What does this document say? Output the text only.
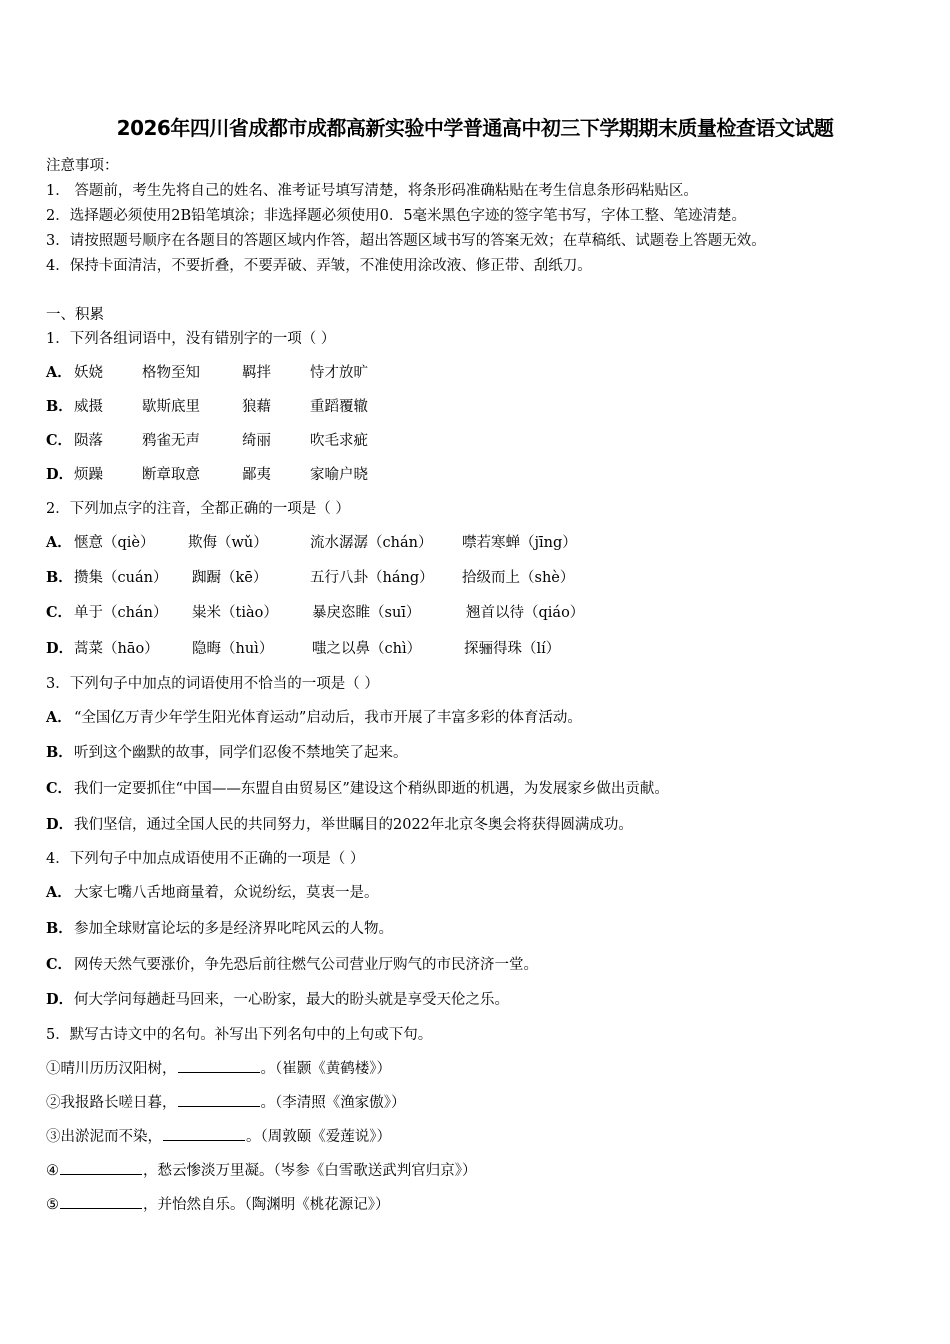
2026年四川省成都市成都高新实验中学普通高中初三下学期期末质量检查语文试题
注意事项：
1． 答题前，考生先将自己的姓名、准考证号填写清楚，将条形码准确粘贴在考生信息条形码粘贴区。
2．选择题必须使用2B铅笔填涂；非选择题必须使用0．5毫米黑色字迹的签字笔书写，字体工整、笔迹清楚。
3．请按照题号顺序在各题目的答题区域内作答，超出答题区域书写的答案无效；在草稿纸、试题卷上答题无效。
4．保持卡面清洁，不要折叠，不要弄破、弄皱，不准使用涂改液、修正带、刮纸刀。
一、积累
1．下列各组词语中，没有错别字的一项（ ）
A． 妖娆	格物至知	羁拌	恃才放旷
B．威摄	歇斯底里	狼藉	重蹈覆辙
C． 陨落	鸦雀无声	绮丽	吹毛求疵
D．烦躁	断章取意	鄙夷	家喻户晓
2．下列加点字的注音，全都正确的一项是（ ）
A． 惬意（qiè） 欺侮（wǔ）	流水潺潺（chán） 噤若寒蝉（jīng）
B．攒集（cuán） 踟蹰（kē）	五行八卦（háng） 拾级而上（shè）
C． 单于（chán） 粜米（tiào） 暴戾恣睢（suī）	翘首以待（qiáo）
D．蒿菜（hāo） 隐晦（huì）	嗤之以鼻（chì）	探骊得珠（lí）
3．下列句子中加点的词语使用不恰当的一项是（ ）
A． “全国亿万青少年学生阳光体育运动”启动后，我市开展了丰富多彩的体育活动。
B．听到这个幽默的故事，同学们忍俊不禁地笑了起来。
C． 我们一定要抓住“中国——东盟自由贸易区”建设这个稍纵即逝的机遇，为发展家乡做出贡献。
D．我们坚信，通过全国人民的共同努力，举世瞩目的2022年北京冬奥会将获得圆满成功。
4．下列句子中加点成语使用不正确的一项是（ ）
A． 大家七嘴八舌地商量着，众说纷纭，莫衷一是。
B．参加全球财富论坛的多是经济界叱咤风云的人物。
C． 网传天然气要涨价，争先恐后前往燃气公司营业厅购气的市民济济一堂。
D．何大学问每趟赶马回来，一心盼家，最大的盼头就是享受天伦之乐。
5．默写古诗文中的名句。补写出下列名句中的上句或下句。
①晴川历历汉阳树，	。（崔颢《黄鹤楼》）
②我报路长嗟日暮，	。（李清照《渔家傲》）
③出淤泥而不染，	。（周敦颐《爱莲说》）
④	，愁云惨淡万里凝。（岑参《白雪歌送武判官归京》）
⑤	，并怡然自乐。（陶渊明《桃花源记》）
